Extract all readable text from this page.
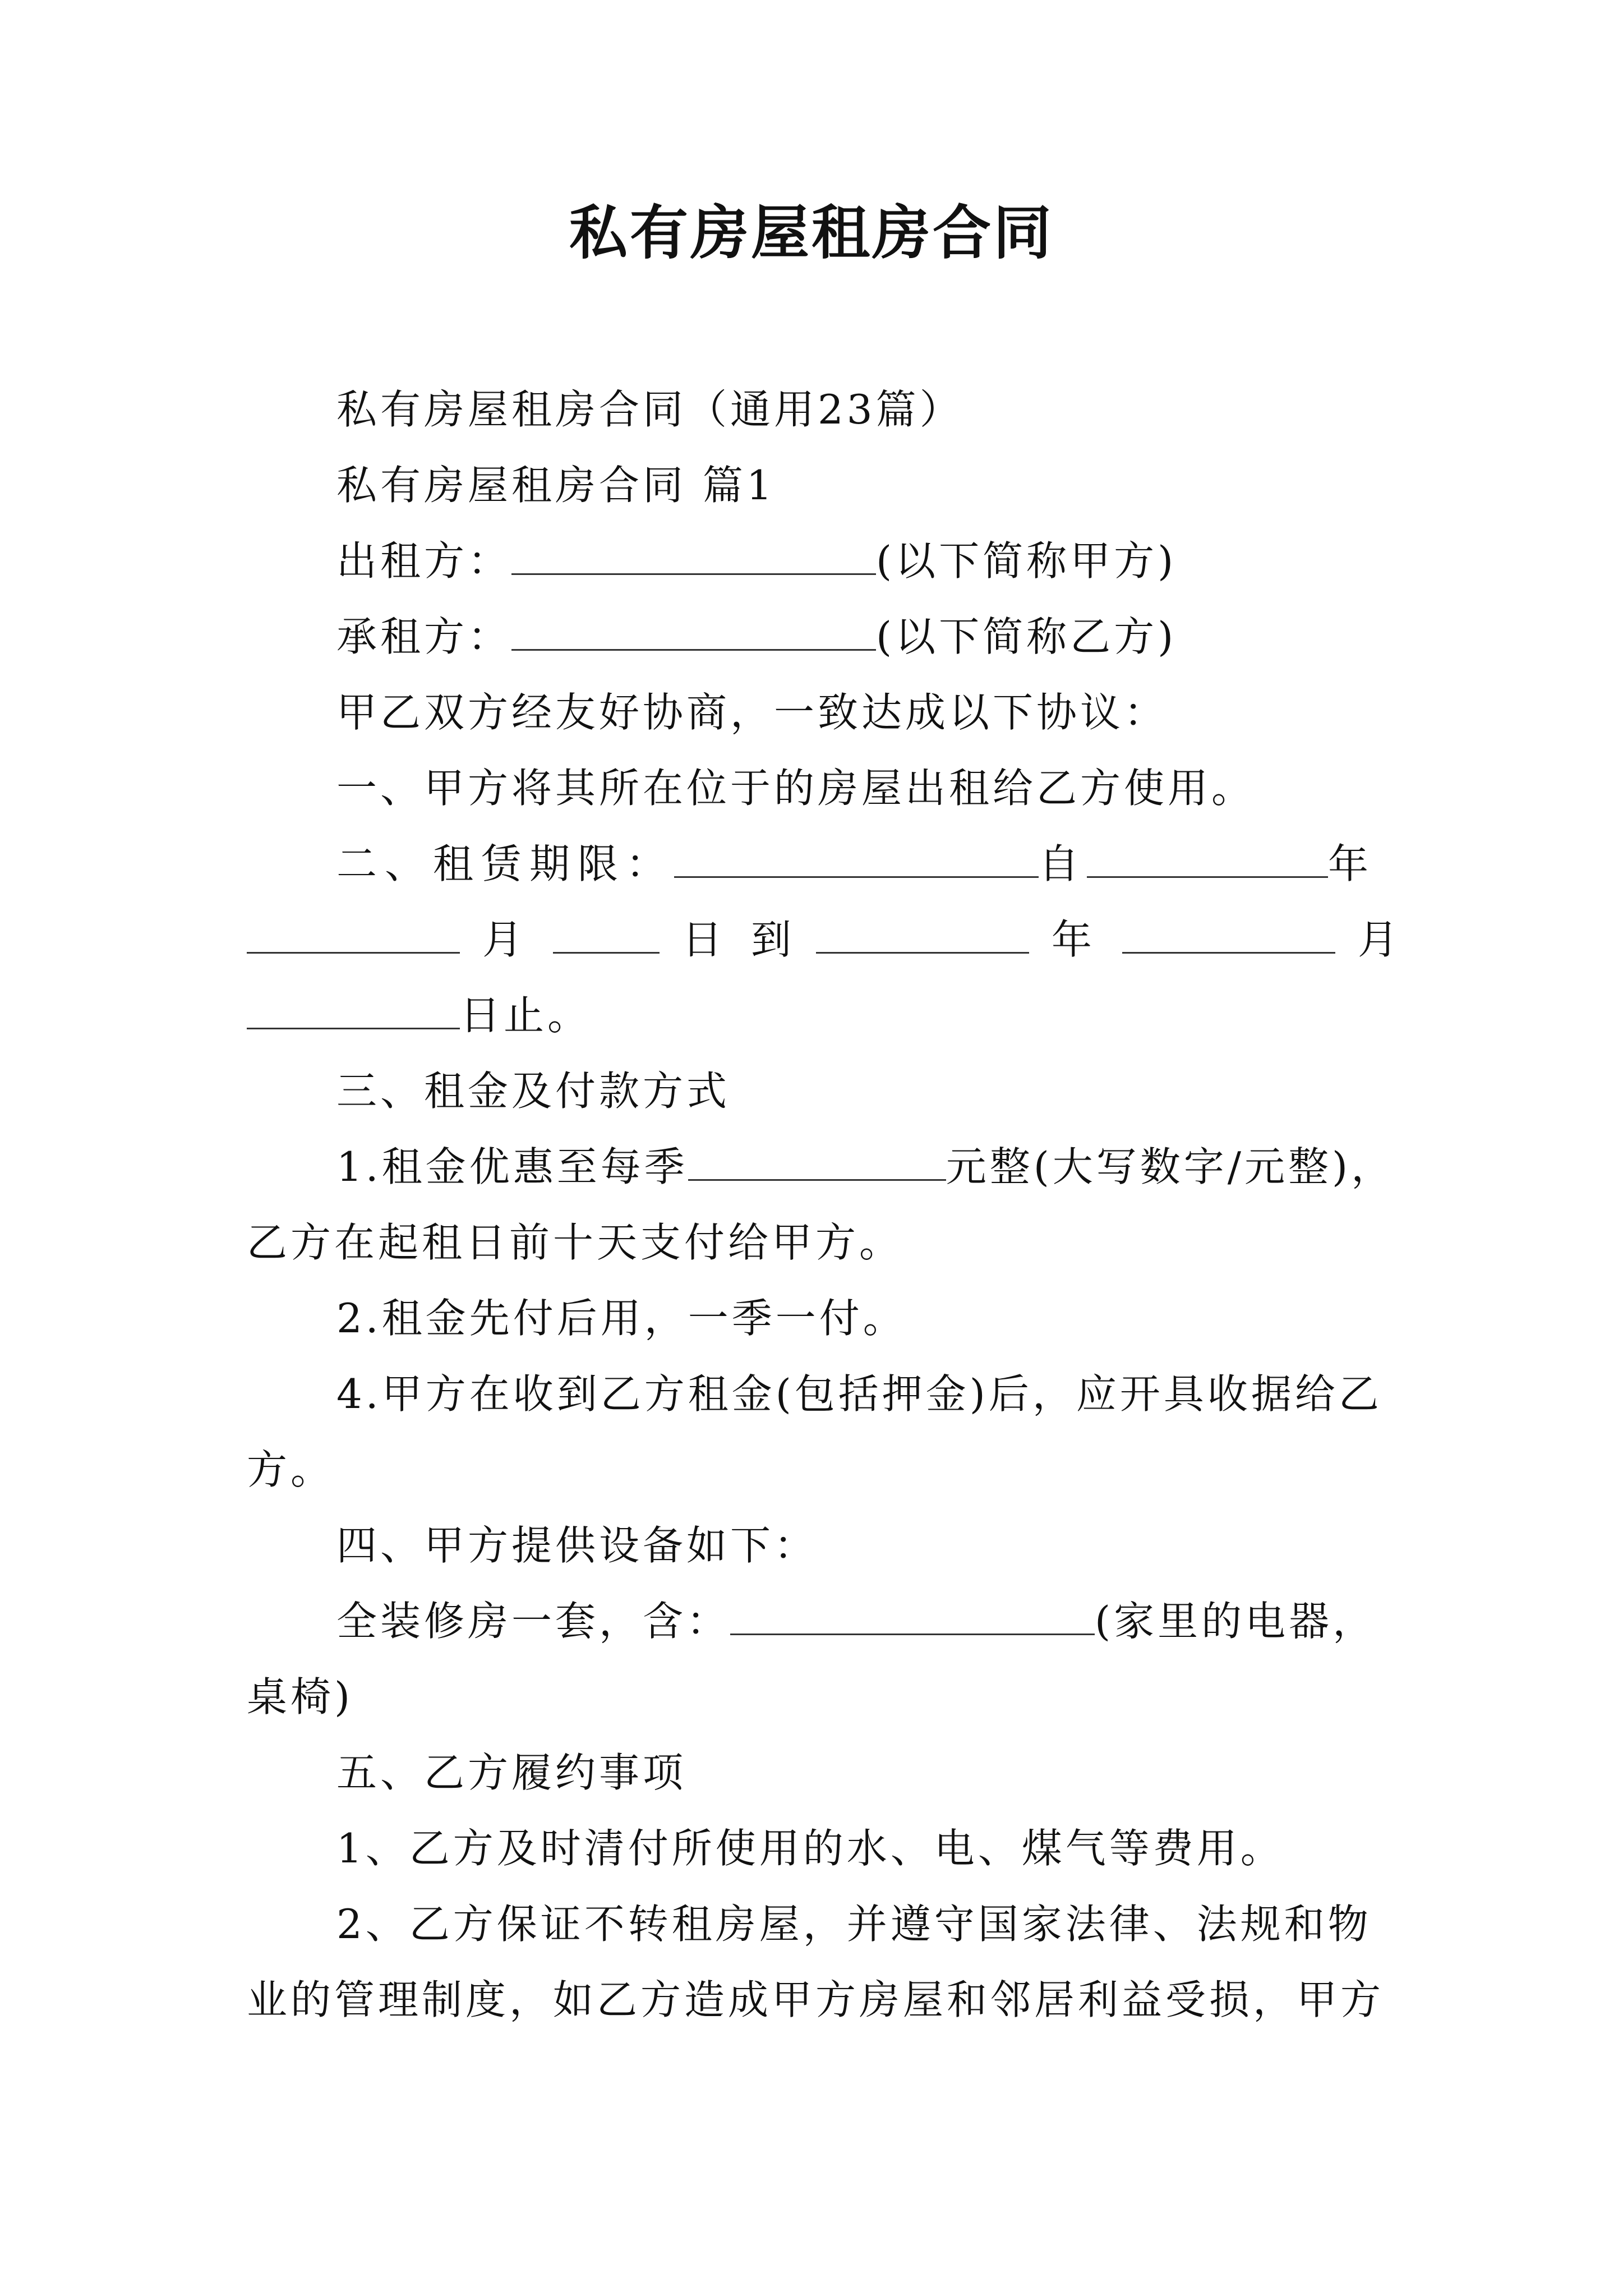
私有房屋租房合同
私有房屋租房合同（通用23篇）
私有房屋租房合同 篇1
出租方：	(以下简称甲方)
承租方：	(以下简称乙方)
甲乙双方经友好协商，一致达成以下协议：
一、甲方将其所在位于的房屋出租给乙方使用。
二、租赁期限：	自	年
月	日 到	年	月
日止。
三、租金及付款方式
1.租金优惠至每季	元整(大写数字/元整)，
乙方在起租日前十天支付给甲方。
2.租金先付后用，一季一付。
4.甲方在收到乙方租金(包括押金)后，应开具收据给乙
方。
四、甲方提供设备如下：
全装修房一套，含：	(家里的电器，
桌椅)
五、乙方履约事项
1、乙方及时清付所使用的水、电、煤气等费用。
2、乙方保证不转租房屋，并遵守国家法律、法规和物
业的管理制度，如乙方造成甲方房屋和邻居利益受损，甲方
